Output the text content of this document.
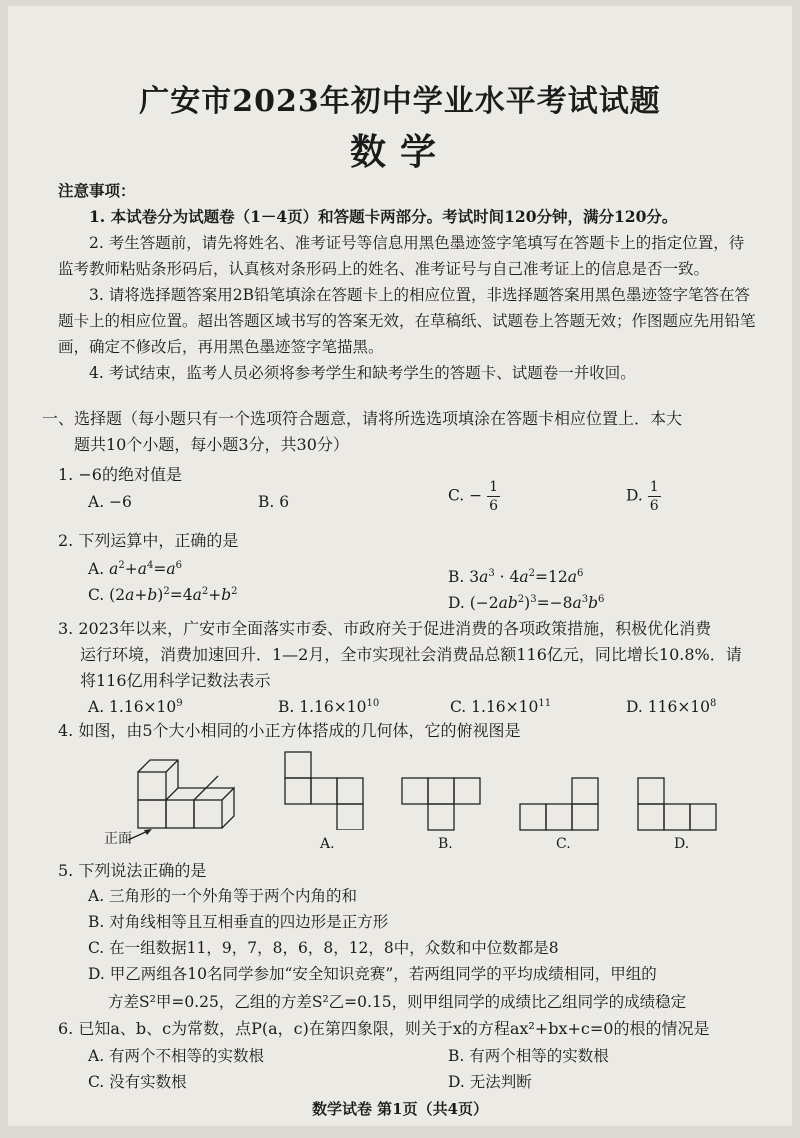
广安市2023年初中学业水平考试试题
数学
注意事项：

1. 本试卷分为试题卷（1－4页）和答题卡两部分。考试时间120分钟，满分120分。

2. 考生答题前，请先将姓名、准考证号等信息用黑色墨迹签字笔填写在答题卡上的指定位置，待监考教师粘贴条形码后，认真核对条形码上的姓名、准考证号与自己准考证上的信息是否一致。

3. 请将选择题答案用2B铅笔填涂在答题卡上的相应位置，非选择题答案用黑色墨迹签字笔答在答题卡上的相应位置。超出答题区域书写的答案无效，在草稿纸、试题卷上答题无效；作图题应先用铅笔画，确定不修改后，再用黑色墨迹签字笔描黑。

4. 考试结束，监考人员必须将参考学生和缺考学生的答题卡、试题卷一并收回。

一、选择题（每小题只有一个选项符合题意，请将所选选项填涂在答题卡相应位置上．本大
题共10个小题，每小题3分，共30分）
1. −6的绝对值是
A. −6	B. 6	C. − $\frac{1}{6}$	D. $\frac{1}{6}$
2. 下列运算中，正确的是
A. $a^2+a^4=a^6$
B. $3a^3 \cdot 4a^2=12a^6$
C. $(2a+b)^2=4a^2+b^2$
D. $(-2ab^2)^3=-8a^3b^6$
3. 2023年以来，广安市全面落实市委、市政府关于促进消费的各项政策措施，积极优化消费
运行环境，消费加速回升．1—2月，全市实现社会消费品总额116亿元，同比增长10.8%．请
将116亿用科学记数法表示
A. $1.16\times 10^9$	B. $1.16\times 10^{10}$	C. $1.16\times 10^{11}$	D. $116\times 10^8$
4. 如图，由5个大小相同的小正方体搭成的几何体，它的俯视图是
正面	A.	B.	C.	D.
5. 下列说法正确的是
A. 三角形的一个外角等于两个内角的和
B. 对角线相等且互相垂直的四边形是正方形
C. 在一组数据11，9，7，8，6，8，12，8中，众数和中位数都是8
D. 甲乙两组各10名同学参加“安全知识竞赛”，若两组同学的平均成绩相同，甲组的
方差S²甲=0.25，乙组的方差S²乙=0.15，则甲组同学的成绩比乙组同学的成绩稳定
6. 已知a、b、c为常数，点P(a，c)在第四象限，则关于x的方程ax²+bx+c=0的根的情况是
A. 有两个不相等的实数根	B. 有两个相等的实数根
C. 没有实数根	D. 无法判断
数学试卷 第1页（共4页）
